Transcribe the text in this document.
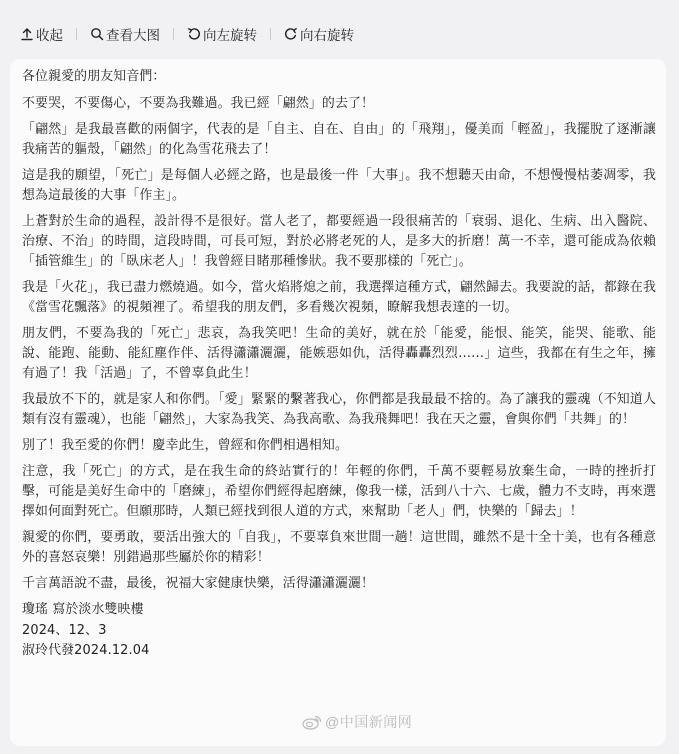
收起	查看大图	向左旋转	向右旋转

各位親愛的朋友知音們：

不要哭，不要傷心，不要為我難過。我已經「翩然」的去了！

「翩然」是我最喜歡的兩個字，代表的是「自主、自在、自由」的「飛翔」，優美而「輕盈」，我擺脫了逐漸讓我痛苦的軀殼，「翩然」的化為雪花飛去了！

這是我的願望，「死亡」是每個人必經之路，也是最後一件「大事」。我不想聽天由命，不想慢慢枯萎凋零，我想為這最後的大事「作主」。

上蒼對於生命的過程，設計得不是很好。當人老了，都要經過一段很痛苦的「衰弱、退化、生病、出入醫院、治療、不治」的時間，這段時間，可長可短，對於必將老死的人，是多大的折磨！萬一不幸，還可能成為依賴「插管維生」的「臥床老人」！我曾經目睹那種慘狀。我不要那樣的「死亡」。

我是「火花」，我已盡力燃燒過。如今，當火焰將熄之前，我選擇這種方式，翩然歸去。我要說的話，都錄在我《當雪花飄落》的視頻裡了。希望我的朋友們，多看幾次視頻，瞭解我想表達的一切。

朋友們，不要為我的「死亡」悲哀，為我笑吧！生命的美好，就在於「能愛，能恨、能笑，能哭、能歌、能說、能跑、能動、能紅塵作伴、活得瀟瀟灑灑，能嫉惡如仇，活得轟轟烈烈……」這些，我都在有生之年，擁有過了！我「活過」了，不曾辜負此生！

我最放不下的，就是家人和你們。「愛」緊緊的繫著我心，你們都是我最最不捨的。為了讓我的靈魂（不知道人類有沒有靈魂），也能「翩然」，大家為我笑、為我高歌、為我飛舞吧！我在天之靈，會與你們「共舞」的！

別了！我至愛的你們！慶幸此生，曾經和你們相遇相知。

注意，我「死亡」的方式，是在我生命的終站實行的！年輕的你們，千萬不要輕易放棄生命，一時的挫折打擊，可能是美好生命中的「磨練」，希望你們經得起磨練，像我一樣，活到八十六、七歲，體力不支時，再來選擇如何面對死亡。但願那時，人類已經找到很人道的方式，來幫助「老人」們，快樂的「歸去」！

親愛的你們，要勇敢，要活出強大的「自我」，不要辜負來世間一趟！這世間，雖然不是十全十美，也有各種意外的喜怒哀樂！別錯過那些屬於你的精彩！

千言萬語說不盡，最後，祝福大家健康快樂，活得瀟瀟灑灑！

瓊瑤 寫於淡水雙映樓

2024、12、3

淑玲代發2024.12.04

@中国新闻网
